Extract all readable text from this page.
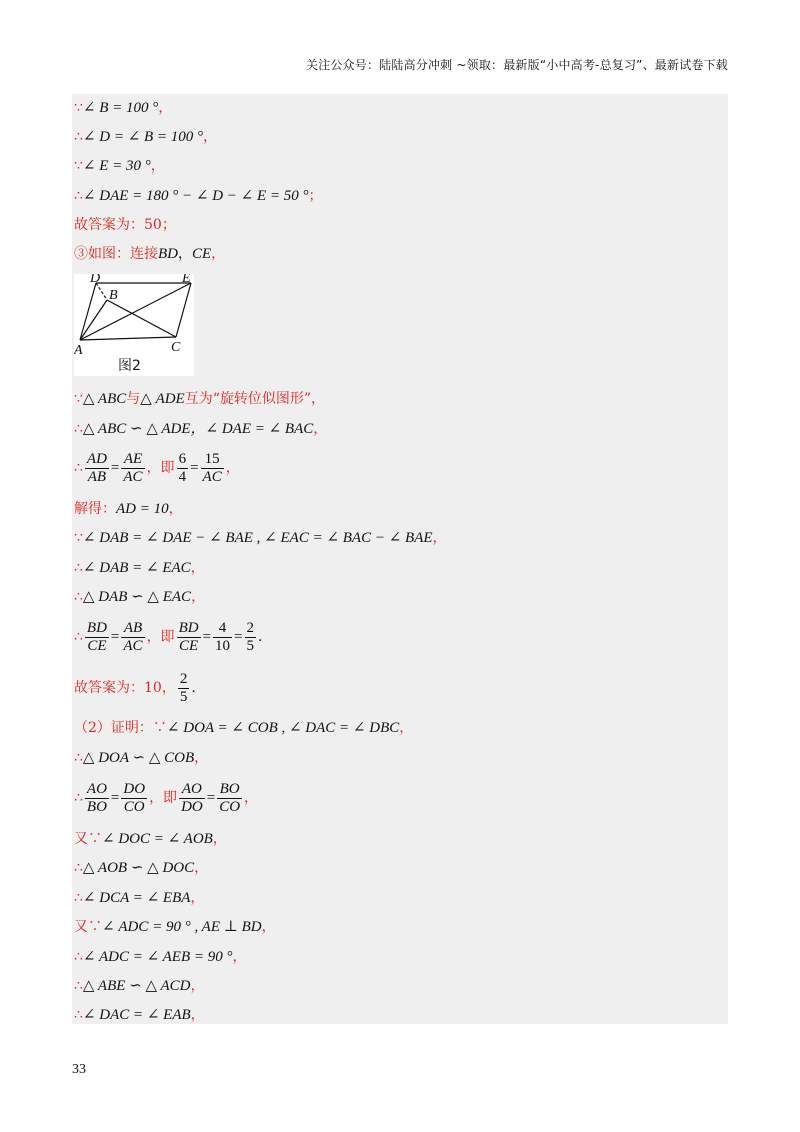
关注公众号：陆陆高分冲刺 ~领取：最新版“小中高考-总复习”、最新试卷下载
∵∠ B = 100 °，
∴∠ D = ∠ B = 100 °，
∵∠ E = 30 °，
∴∠ DAE = 180 ° − ∠ D − ∠ E = 50 °；
故答案为：50；
③如图：连接BD，CE，
D	E
B
A	C
图2
∵△ ABC与△ ADE互为“旋转位似图形”，
∴△ ABC ∽ △ ADE，∠ DAE = ∠ BAC，
∴ $\frac{AD}{AB} = \frac{AE}{AC}$ ，即 $\frac{6}{4} = \frac{15}{AC}$ ，
解得：AD = 10，
∵∠ DAB = ∠ DAE − ∠ BAE , ∠ EAC = ∠ BAC − ∠ BAE，
∴∠ DAB = ∠ EAC，
∴△ DAB ∽ △ EAC，
∴ $\frac{BD}{CE} = \frac{AB}{AC}$ ，即 $\frac{BD}{CE} = \frac{4}{10} = \frac{2}{5}$ .
故答案为：10， $\frac{2}{5}$ .
（2）证明：∵∠ DOA = ∠ COB , ∠ DAC = ∠ DBC，
∴△ DOA ∽ △ COB，
∴ $\frac{AO}{BO} = \frac{DO}{CO}$ ，即 $\frac{AO}{DO} = \frac{BO}{CO}$ ，
又∵∠ DOC = ∠ AOB，
∴△ AOB ∽ △ DOC，
∴∠ DCA = ∠ EBA，
又∵∠ ADC = 90 ° , AE ⊥ BD，
∴∠ ADC = ∠ AEB = 90 °，
∴△ ABE ∽ △ ACD，
∴∠ DAC = ∠ EAB，
33
